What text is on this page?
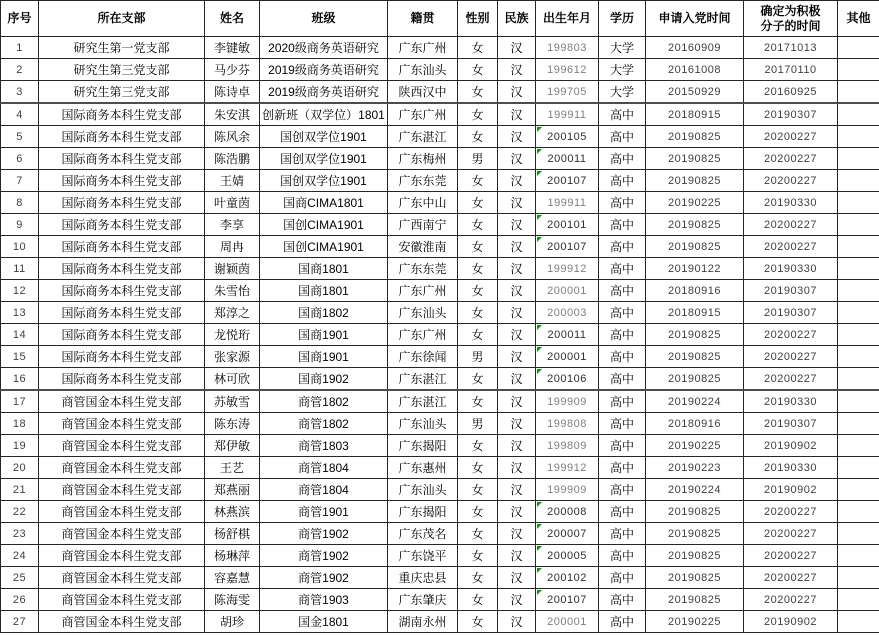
序号	所在支部	姓名	班级	籍贯	性别	民族	出生年月	学历	申请入党时间	确定为积极分子的时间	其他
1	研究生第一党支部	李键敏	2020级商务英语研究	广东广州	女	汉	199803	大学	20160909	20171013	
2	研究生第三党支部	马少芬	2019级商务英语研究	广东汕头	女	汉	199612	大学	20161008	20170110	
3	研究生第三党支部	陈诗卓	2019级商务英语研究	陕西汉中	女	汉	199705	大学	20150929	20160925	
4	国际商务本科生党支部	朱安淇	创新班（双学位）1801	广东广州	女	汉	199911	高中	20180915	20190307	
5	国际商务本科生党支部	陈风余	国创双学位1901	广东湛江	女	汉	200105	高中	20190825	20200227	
6	国际商务本科生党支部	陈浩鹏	国创双学位1901	广东梅州	男	汉	200011	高中	20190825	20200227	
7	国际商务本科生党支部	王婧	国创双学位1901	广东东莞	女	汉	200107	高中	20190825	20200227	
8	国际商务本科生党支部	叶童茵	国商CIMA1801	广东中山	女	汉	199911	高中	20190225	20190330	
9	国际商务本科生党支部	李享	国创CIMA1901	广西南宁	女	汉	200101	高中	20190825	20200227	
10	国际商务本科生党支部	周冉	国创CIMA1901	安徽淮南	女	汉	200107	高中	20190825	20200227	
11	国际商务本科生党支部	谢颖茵	国商1801	广东东莞	女	汉	199912	高中	20190122	20190330	
12	国际商务本科生党支部	朱雪怡	国商1801	广东广州	女	汉	200001	高中	20180916	20190307	
13	国际商务本科生党支部	郑淳之	国商1802	广东汕头	女	汉	200003	高中	20180915	20190307	
14	国际商务本科生党支部	龙悦珩	国商1901	广东广州	女	汉	200011	高中	20190825	20200227	
15	国际商务本科生党支部	张家源	国商1901	广东徐闻	男	汉	200001	高中	20190825	20200227	
16	国际商务本科生党支部	林可欣	国商1902	广东湛江	女	汉	200106	高中	20190825	20200227	
17	商管国金本科生党支部	苏敏雪	商管1802	广东湛江	女	汉	199909	高中	20190224	20190330	
18	商管国金本科生党支部	陈东涛	商管1802	广东汕头	男	汉	199808	高中	20180916	20190307	
19	商管国金本科生党支部	郑伊敏	商管1803	广东揭阳	女	汉	199809	高中	20190225	20190902	
20	商管国金本科生党支部	王艺	商管1804	广东惠州	女	汉	199912	高中	20190223	20190330	
21	商管国金本科生党支部	郑燕丽	商管1804	广东汕头	女	汉	199909	高中	20190224	20190902	
22	商管国金本科生党支部	林燕滨	商管1901	广东揭阳	女	汉	200008	高中	20190825	20200227	
23	商管国金本科生党支部	杨舒棋	商管1902	广东茂名	女	汉	200007	高中	20190825	20200227	
24	商管国金本科生党支部	杨琳萍	商管1902	广东饶平	女	汉	200005	高中	20190825	20200227	
25	商管国金本科生党支部	容嘉慧	商管1902	重庆忠县	女	汉	200102	高中	20190825	20200227	
26	商管国金本科生党支部	陈海雯	商管1903	广东肇庆	女	汉	200107	高中	20190825	20200227	
27	商管国金本科生党支部	胡珍	国金1801	湖南永州	女	汉	200001	高中	20190225	20190902	
